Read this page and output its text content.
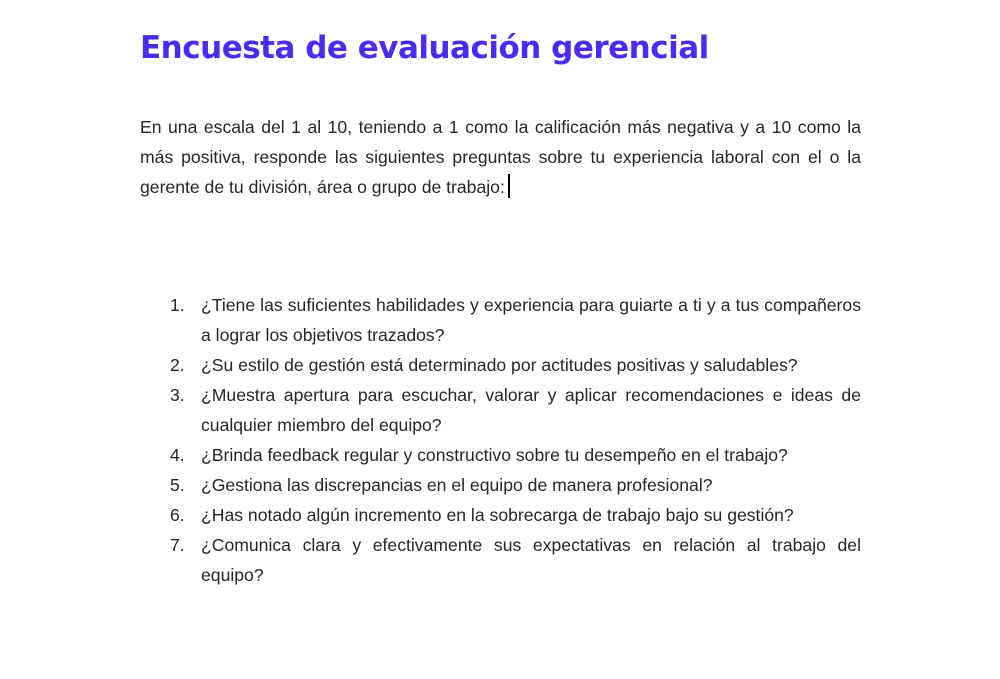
Encuesta de evaluación gerencial

En una escala del 1 al 10, teniendo a 1 como la calificación más negativa y a 10 como la más positiva, responde las siguientes preguntas sobre tu experiencia laboral con el o la gerente de tu división, área o grupo de trabajo:

1. ¿Tiene las suficientes habilidades y experiencia para guiarte a ti y a tus compañeros a lograr los objetivos trazados?
2. ¿Su estilo de gestión está determinado por actitudes positivas y saludables?
3. ¿Muestra apertura para escuchar, valorar y aplicar recomendaciones e ideas de cualquier miembro del equipo?
4. ¿Brinda feedback regular y constructivo sobre tu desempeño en el trabajo?
5. ¿Gestiona las discrepancias en el equipo de manera profesional?
6. ¿Has notado algún incremento en la sobrecarga de trabajo bajo su gestión?
7. ¿Comunica clara y efectivamente sus expectativas en relación al trabajo del equipo?
